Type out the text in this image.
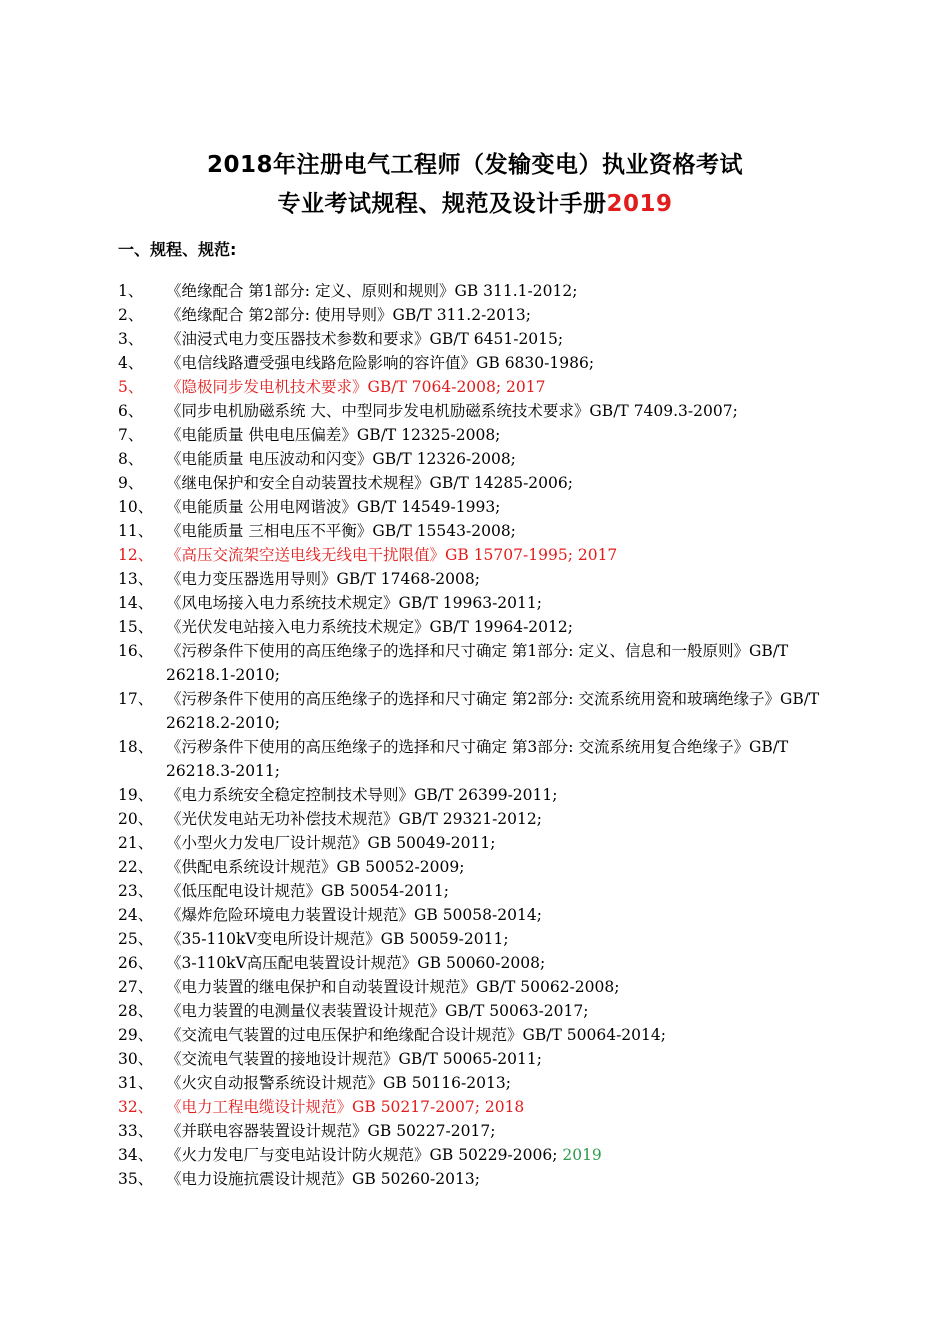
2018年注册电气工程师（发输变电）执业资格考试
专业考试规程、规范及设计手册2019
一、规程、规范:
1、 《绝缘配合 第1部分: 定义、原则和规则》GB 311.1-2012;
2、 《绝缘配合 第2部分: 使用导则》GB/T 311.2-2013;
3、 《油浸式电力变压器技术参数和要求》GB/T 6451-2015;
4、 《电信线路遭受强电线路危险影响的容许值》GB 6830-1986;
5、 《隐极同步发电机技术要求》GB/T 7064-2008; 2017
6、 《同步电机励磁系统 大、中型同步发电机励磁系统技术要求》GB/T 7409.3-2007;
7、 《电能质量 供电电压偏差》GB/T 12325-2008;
8、 《电能质量 电压波动和闪变》GB/T 12326-2008;
9、 《继电保护和安全自动装置技术规程》GB/T 14285-2006;
10、 《电能质量 公用电网谐波》GB/T 14549-1993;
11、 《电能质量 三相电压不平衡》GB/T 15543-2008;
12、 《高压交流架空送电线无线电干扰限值》GB 15707-1995; 2017
13、 《电力变压器选用导则》GB/T 17468-2008;
14、 《风电场接入电力系统技术规定》GB/T 19963-2011;
15、 《光伏发电站接入电力系统技术规定》GB/T 19964-2012;
16、 《污秽条件下使用的高压绝缘子的选择和尺寸确定 第1部分: 定义、信息和一般原则》GB/T 26218.1-2010;
17、 《污秽条件下使用的高压绝缘子的选择和尺寸确定 第2部分: 交流系统用瓷和玻璃绝缘子》GB/T 26218.2-2010;
18、 《污秽条件下使用的高压绝缘子的选择和尺寸确定 第3部分: 交流系统用复合绝缘子》GB/T 26218.3-2011;
19、 《电力系统安全稳定控制技术导则》GB/T 26399-2011;
20、 《光伏发电站无功补偿技术规范》GB/T 29321-2012;
21、 《小型火力发电厂设计规范》GB 50049-2011;
22、 《供配电系统设计规范》GB 50052-2009;
23、 《低压配电设计规范》GB 50054-2011;
24、 《爆炸危险环境电力装置设计规范》GB 50058-2014;
25、 《35-110kV变电所设计规范》GB 50059-2011;
26、 《3-110kV高压配电装置设计规范》GB 50060-2008;
27、 《电力装置的继电保护和自动装置设计规范》GB/T 50062-2008;
28、 《电力装置的电测量仪表装置设计规范》GB/T 50063-2017;
29、 《交流电气装置的过电压保护和绝缘配合设计规范》GB/T 50064-2014;
30、 《交流电气装置的接地设计规范》GB/T 50065-2011;
31、 《火灾自动报警系统设计规范》GB 50116-2013;
32、 《电力工程电缆设计规范》GB 50217-2007; 2018
33、 《并联电容器装置设计规范》GB 50227-2017;
34、 《火力发电厂与变电站设计防火规范》GB 50229-2006; 2019
35、 《电力设施抗震设计规范》GB 50260-2013;
